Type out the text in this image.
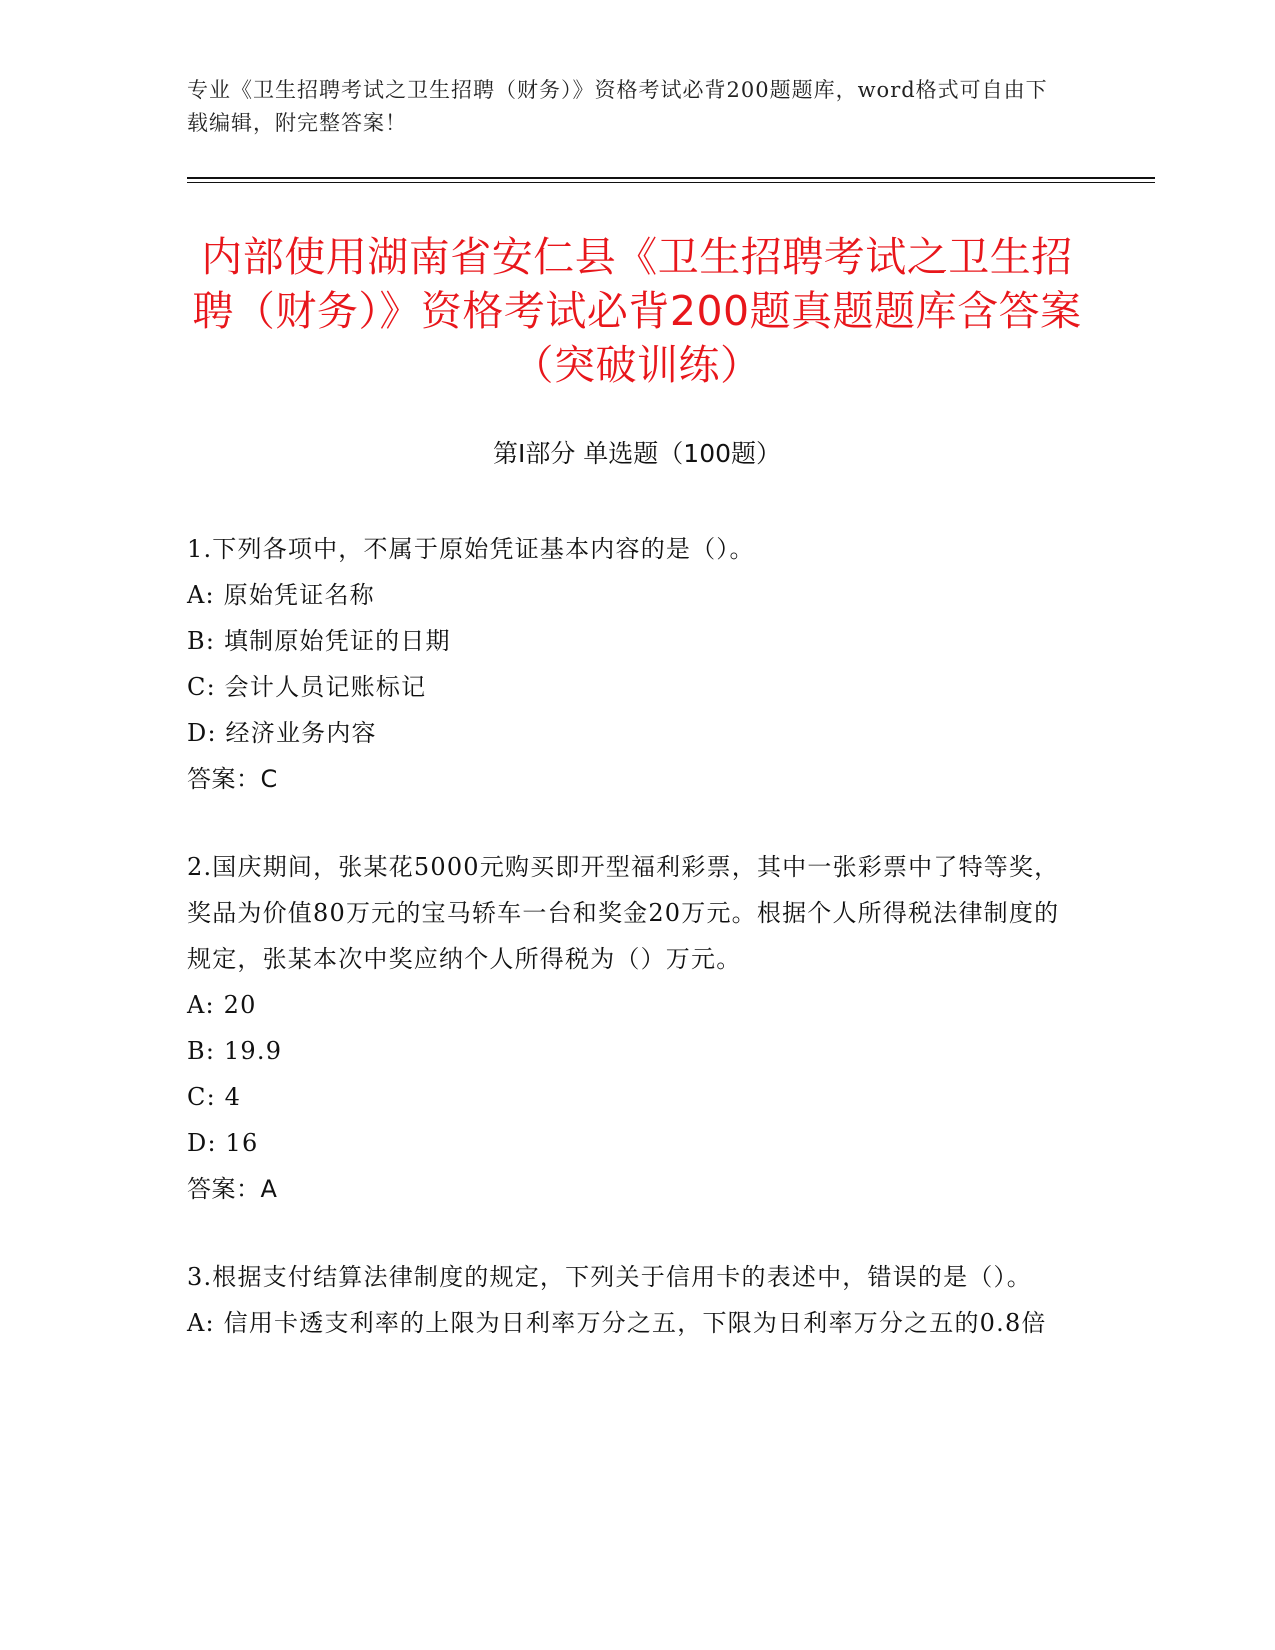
专业《卫生招聘考试之卫生招聘（财务）》资格考试必背200题题库，word格式可自由下载编辑，附完整答案！
内部使用湖南省安仁县《卫生招聘考试之卫生招聘（财务）》资格考试必背200题真题题库含答案（突破训练）
第Ⅰ部分 单选题（100题）

1.下列各项中，不属于原始凭证基本内容的是（）。

A: 原始凭证名称

B: 填制原始凭证的日期

C: 会计人员记账标记

D: 经济业务内容

答案：C

2.国庆期间，张某花5000元购买即开型福利彩票，其中一张彩票中了特等奖，奖品为价值80万元的宝马轿车一台和奖金20万元。根据个人所得税法律制度的规定，张某本次中奖应纳个人所得税为（）万元。

A: 20

B: 19.9

C: 4

D: 16

答案：A

3.根据支付结算法律制度的规定，下列关于信用卡的表述中，错误的是（）。

A: 信用卡透支利率的上限为日利率万分之五，下限为日利率万分之五的0.8倍
